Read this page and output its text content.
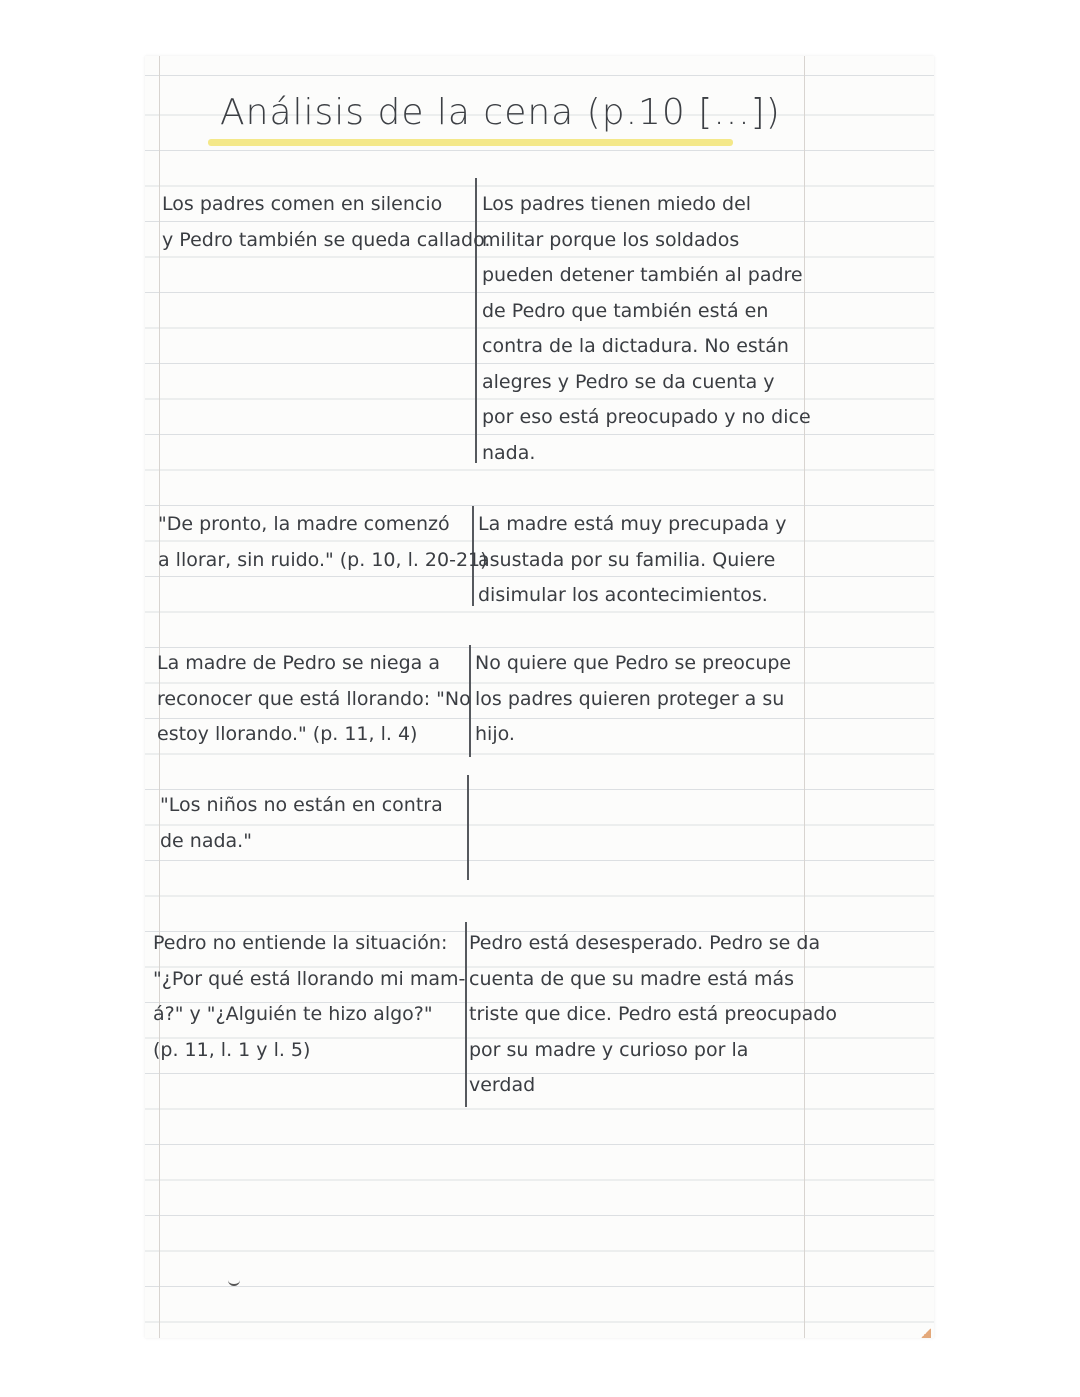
Análisis de la cena (p.10 [...])

Los padres comen en silencio
y Pedro también se queda callado.

Los padres tienen miedo del
militar porque los soldados
pueden detener también al padre
de Pedro que también está en
contra de la dictadura. No están
alegres y Pedro se da cuenta y
por eso está preocupado y no dice
nada.

"De pronto, la madre comenzó
a llorar, sin ruido." (p. 10, l. 20-21)

La madre está muy precupada y
asustada por su familia. Quiere
disimular los acontecimientos.

La madre de Pedro se niega a
reconocer que está llorando: "No
estoy llorando." (p. 11, l. 4)

No quiere que Pedro se preocupe
los padres quieren proteger a su
hijo.

"Los niños no están en contra
de nada."

Pedro no entiende la situación:
"¿Por qué está llorando mi mam-
á?" y "¿Alguién te hizo algo?"
(p. 11, l. 1 y l. 5)

Pedro está desesperado. Pedro se da
cuenta de que su madre está más
triste que dice. Pedro está preocupado
por su madre y curioso por la
verdad
